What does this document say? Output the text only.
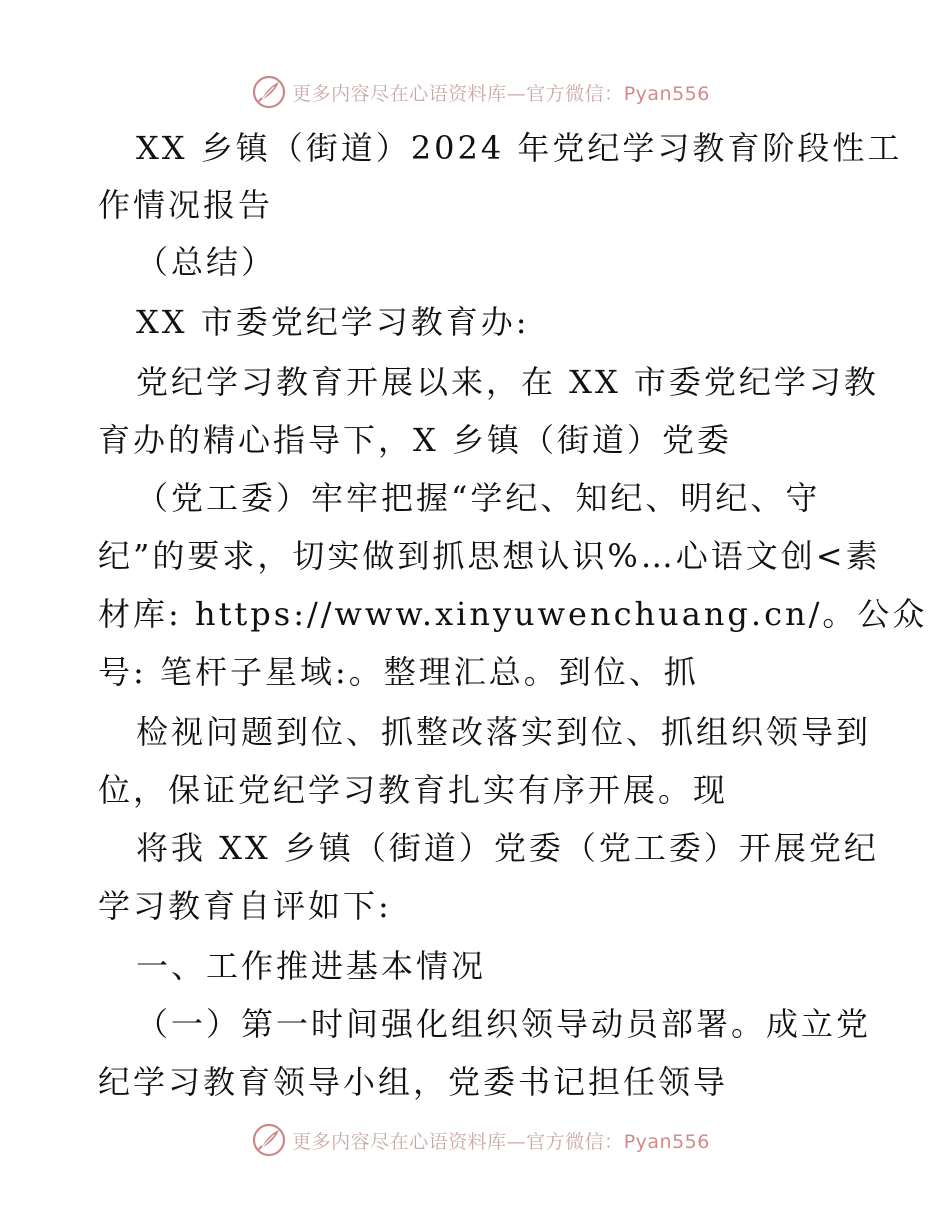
更多内容尽在心语资料库—官方微信：Pyan556
XX 乡镇（街道）2024 年党纪学习教育阶段性工
作情况报告
（总结）
XX 市委党纪学习教育办:
党纪学习教育开展以来，在 XX 市委党纪学习教
育办的精心指导下，X 乡镇（街道）党委
（党工委）牢牢把握“学纪、知纪、明纪、守
纪”的要求，切实做到抓思想认识%…心语文创<素
材库: https://www.xinyuwenchuang.cn/。公众
号: 笔杆子星域:。整理汇总。到位、抓
检视问题到位、抓整改落实到位、抓组织领导到
位，保证党纪学习教育扎实有序开展。现
将我 XX 乡镇（街道）党委（党工委）开展党纪
学习教育自评如下:
一、工作推进基本情况
（一）第一时间强化组织领导动员部署。成立党
纪学习教育领导小组，党委书记担任领导
更多内容尽在心语资料库—官方微信：Pyan556
